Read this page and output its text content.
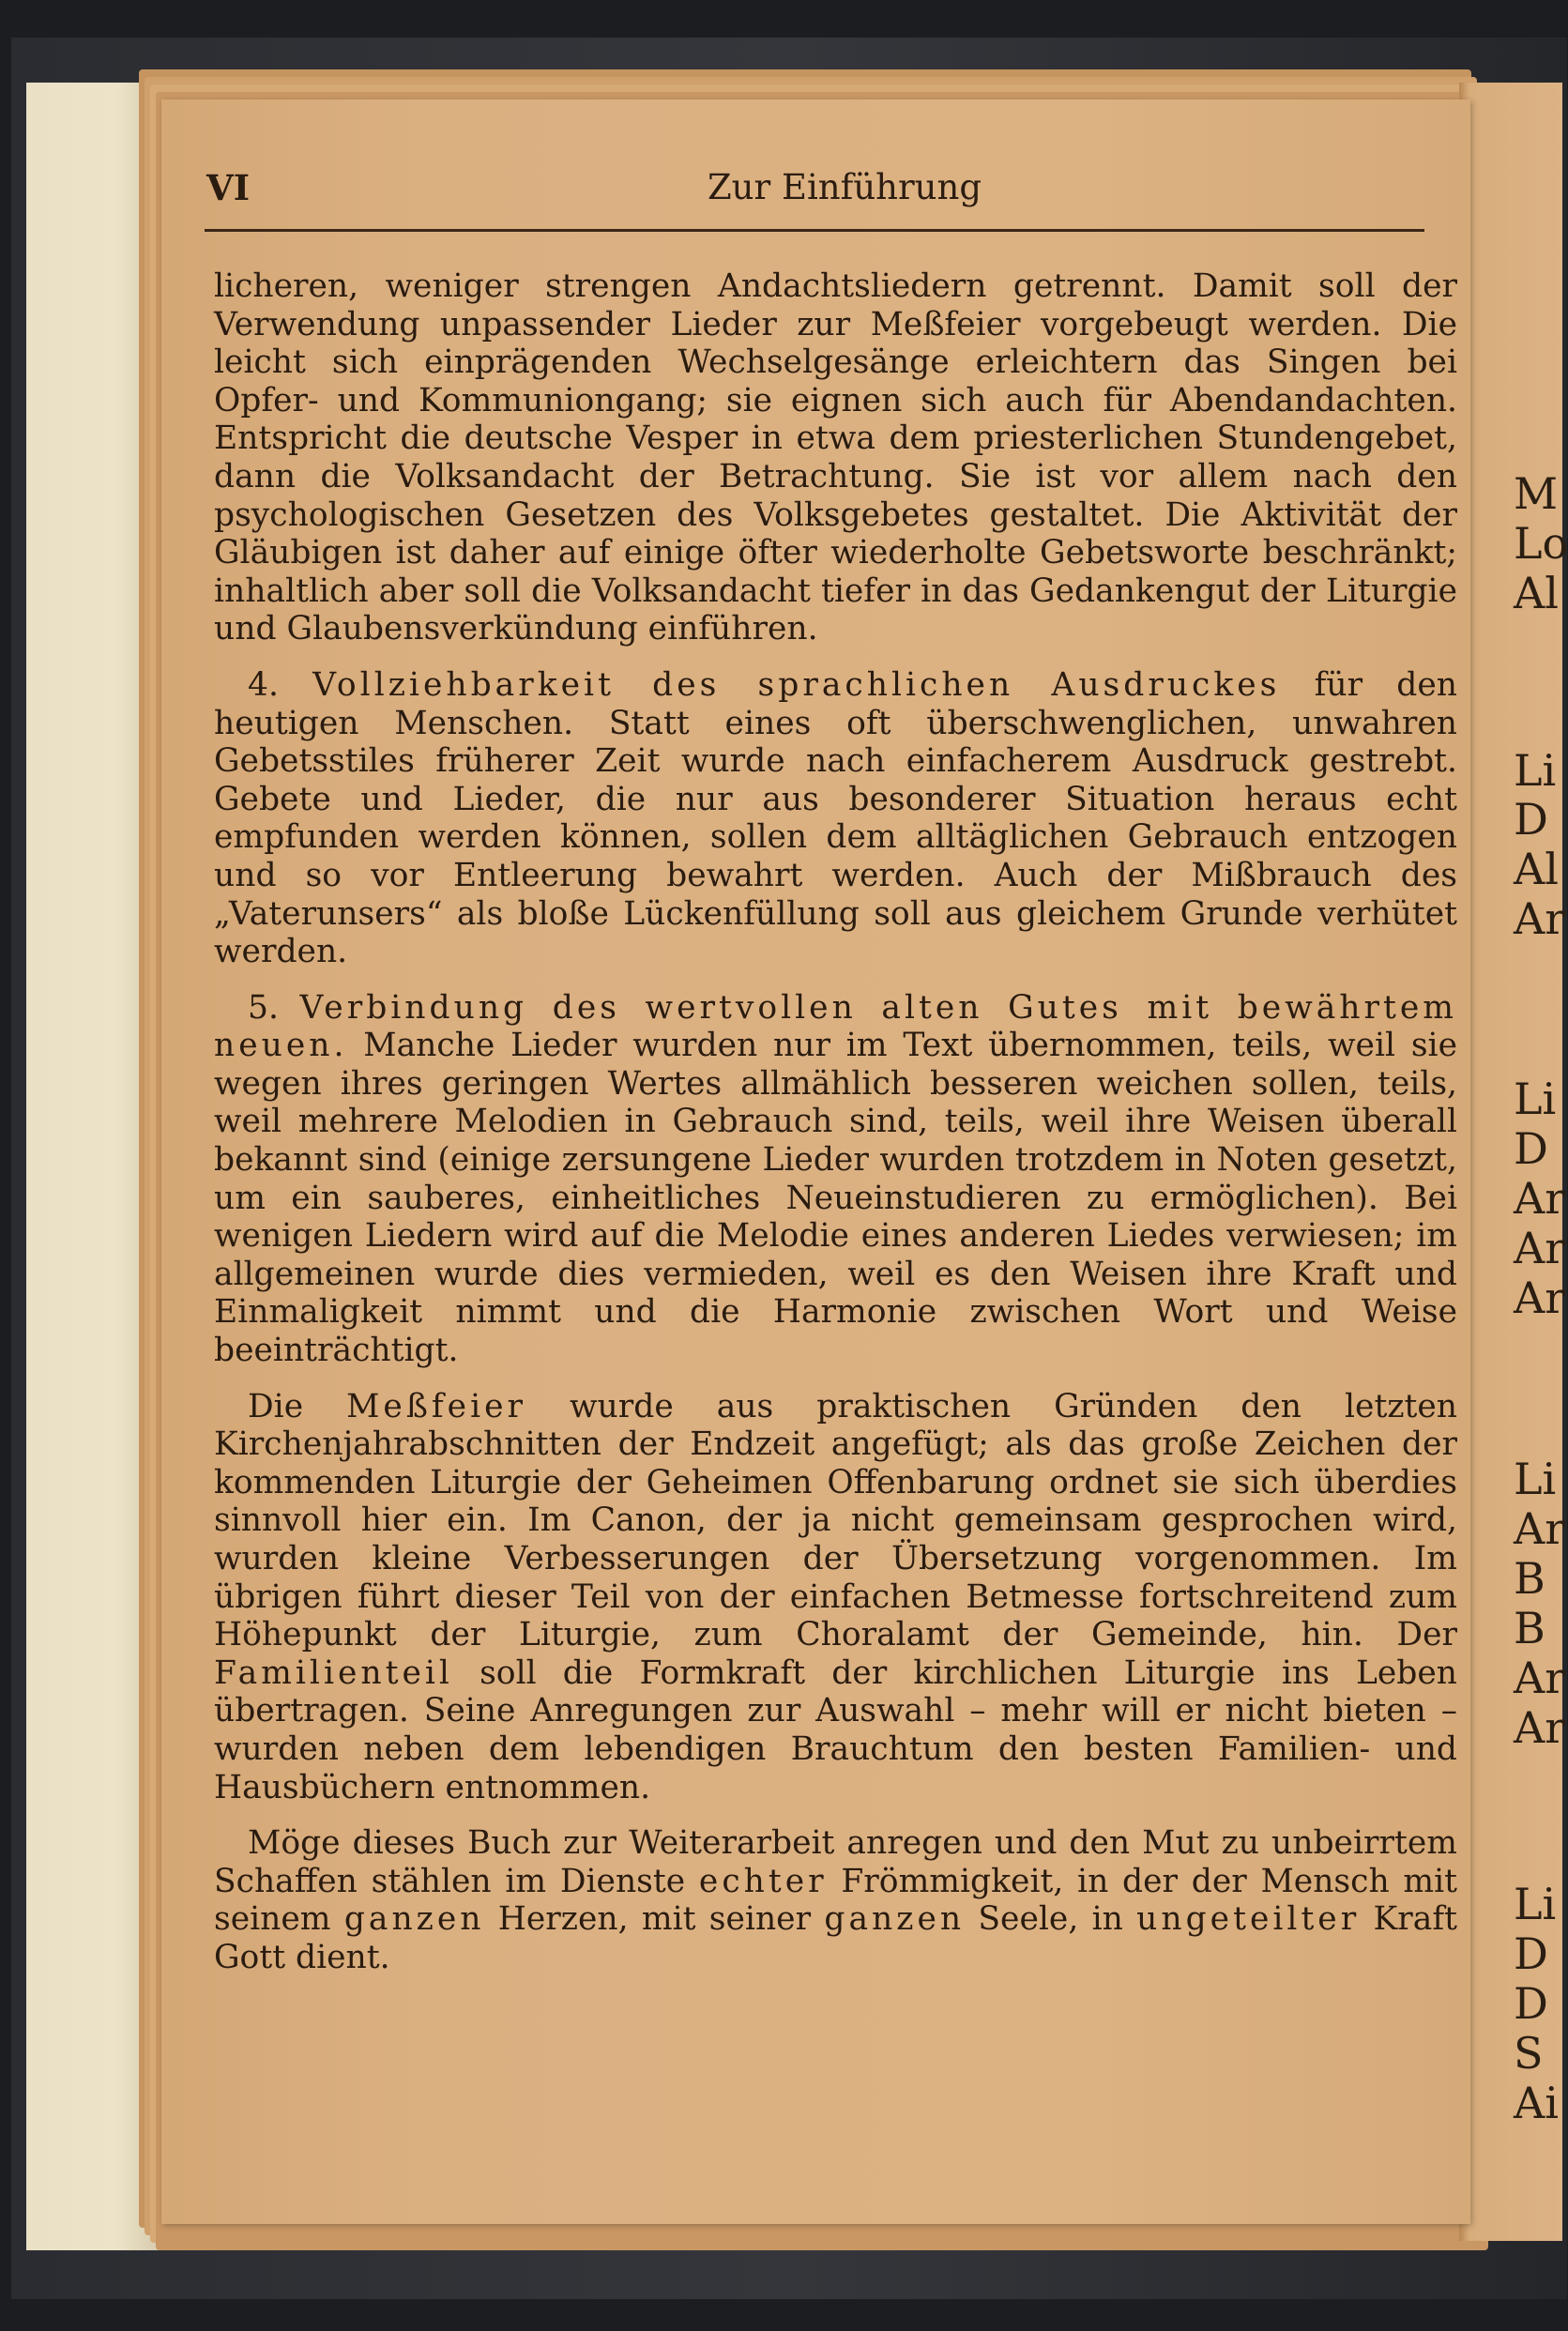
M
Lo
Al
Li
D
Al
Ar
Li
D
Ar
Ar
Ar
Li
Ar
B
B
Ar
Ar
Li
D
D
S
Ai
VI	Zur Einführung

licheren, weniger strengen Andachtsliedern getrennt. Damit soll der Verwendung unpassender Lieder zur Meßfeier vorgebeugt werden. Die leicht sich einprägenden Wechselgesänge erleichtern das Singen bei Opfer- und Kommuniongang; sie eignen sich auch für Abendandachten. Entspricht die deutsche Vesper in etwa dem priesterlichen Stundengebet, dann die Volksandacht der Betrachtung. Sie ist vor allem nach den psychologischen Gesetzen des Volksgebetes gestaltet. Die Aktivität der Gläubigen ist daher auf einige öfter wiederholte Gebetsworte beschränkt; inhaltlich aber soll die Volksandacht tiefer in das Gedankengut der Liturgie und Glaubensverkündung einführen.

4. Vollziehbarkeit des sprachlichen Ausdruckes für den heutigen Menschen. Statt eines oft überschwenglichen, unwahren Gebetsstiles früherer Zeit wurde nach einfacherem Ausdruck gestrebt. Gebete und Lieder, die nur aus besonderer Situation heraus echt empfunden werden können, sollen dem alltäglichen Gebrauch entzogen und so vor Entleerung bewahrt werden. Auch der Mißbrauch des „Vaterunsers“ als bloße Lückenfüllung soll aus gleichem Grunde verhütet werden.

5. Verbindung des wertvollen alten Gutes mit bewährtem neuen. Manche Lieder wurden nur im Text übernommen, teils, weil sie wegen ihres geringen Wertes allmählich besseren weichen sollen, teils, weil mehrere Melodien in Gebrauch sind, teils, weil ihre Weisen überall bekannt sind (einige zersungene Lieder wurden trotzdem in Noten gesetzt, um ein sauberes, einheitliches Neueinstudieren zu ermöglichen). Bei wenigen Liedern wird auf die Melodie eines anderen Liedes verwiesen; im allgemeinen wurde dies vermieden, weil es den Weisen ihre Kraft und Einmaligkeit nimmt und die Harmonie zwischen Wort und Weise beeinträchtigt.

Die Meßfeier wurde aus praktischen Gründen den letzten Kirchenjahrabschnitten der Endzeit angefügt; als das große Zeichen der kommenden Liturgie der Geheimen Offenbarung ordnet sie sich überdies sinnvoll hier ein. Im Canon, der ja nicht gemeinsam gesprochen wird, wurden kleine Verbesserungen der Übersetzung vorgenommen. Im übrigen führt dieser Teil von der einfachen Betmesse fortschreitend zum Höhepunkt der Liturgie, zum Choralamt der Gemeinde, hin. Der Familienteil soll die Formkraft der kirchlichen Liturgie ins Leben übertragen. Seine Anregungen zur Auswahl – mehr will er nicht bieten – wurden neben dem lebendigen Brauchtum den besten Familien- und Hausbüchern entnommen.

Möge dieses Buch zur Weiterarbeit anregen und den Mut zu unbeirrtem Schaffen stählen im Dienste echter Frömmigkeit, in der der Mensch mit seinem ganzen Herzen, mit seiner ganzen Seele, in ungeteilter Kraft Gott dient.
